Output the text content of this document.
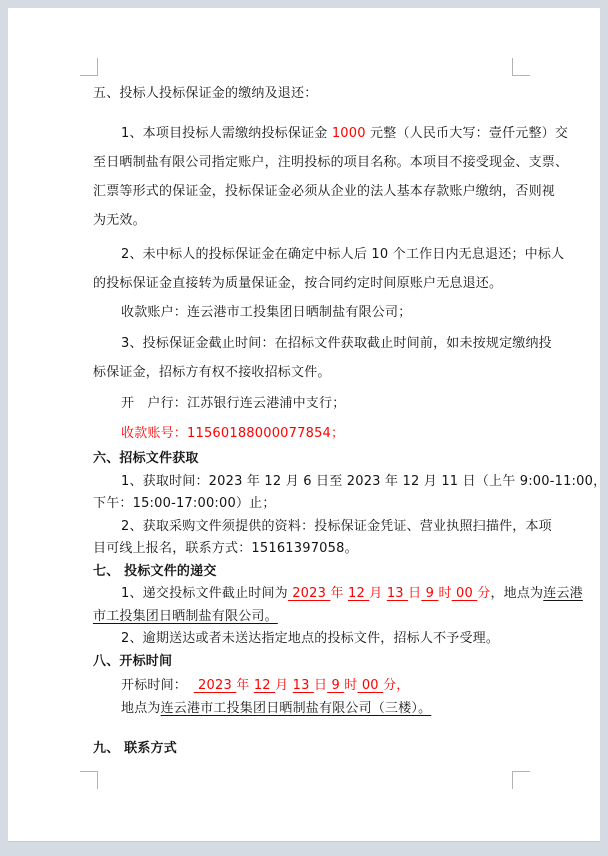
五、投标人投标保证金的缴纳及退还：
1、本项目投标人需缴纳投标保证金 1000 元整（人民币大写：壹仟元整）交
至日晒制盐有限公司指定账户，注明投标的项目名称。本项目不接受现金、支票、
汇票等形式的保证金，投标保证金必须从企业的法人基本存款账户缴纳，否则视
为无效。
2、未中标人的投标保证金在确定中标人后 10 个工作日内无息退还；中标人
的投标保证金直接转为质量保证金，按合同约定时间原账户无息退还。
收款账户：连云港市工投集团日晒制盐有限公司；
3、投标保证金截止时间：在招标文件获取截止时间前，如未按规定缴纳投
标保证金，招标方有权不接收招标文件。
开　户行：江苏银行连云港浦中支行；
收款账号：11560188000077854；
六、招标文件获取
1、获取时间：2023 年 12 月 6 日至 2023 年 12 月 11 日（上午 9:00-11:00，
下午：15:00-17:00:00）止；
2、获取采购文件须提供的资料：投标保证金凭证、营业执照扫描件，本项
目可线上报名，联系方式：15161397058。
七、 投标文件的递交
1、递交投标文件截止时间为 2023 年 12 月 13 日 9 时 00 分，地点为连云港
市工投集团日晒制盐有限公司。
2、逾期送达或者未送达指定地点的投标文件，招标人不予受理。
八、开标时间
开标时间：　 2023 年 12 月 13 日 9 时 00 分，
地点为连云港市工投集团日晒制盐有限公司（三楼）。
九、 联系方式
